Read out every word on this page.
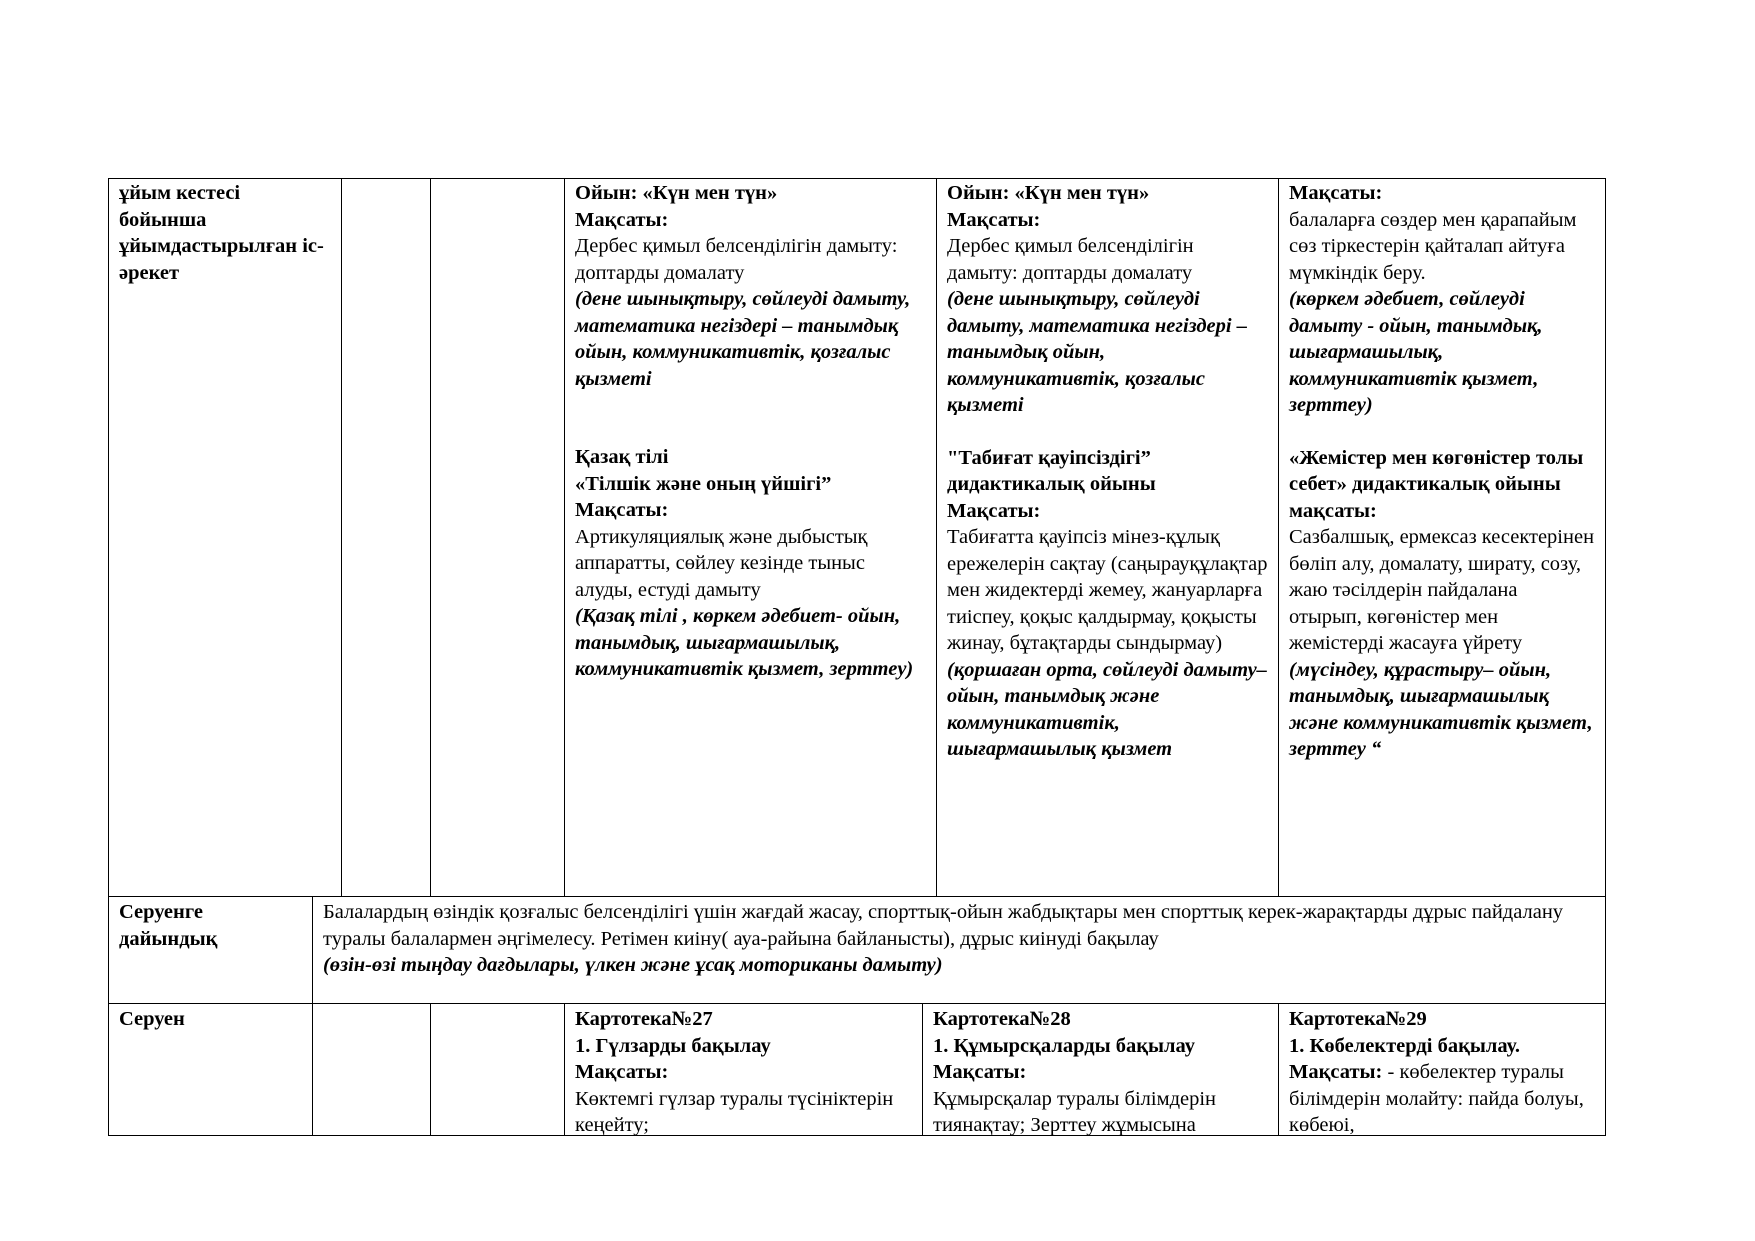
ұйым кестесі бойынша ұйымдастырылған іс-әрекет

Ойын: «Күн мен түн»

Мақсаты:

Дербес қимыл белсенділігін дамыту: доптарды домалату

(дене шынықтыру, сөйлеуді дамыту, математика негіздері – танымдық ойын, коммуникативтік, қозғалыс қызметі

Қазақ тілі

«Тілшік және оның үйшігі”

Мақсаты:

Артикуляциялық және дыбыстық аппаратты, сөйлеу кезінде тыныс алуды, естуді дамыту

(Қазақ тілі , көркем әдебиет- ойын, танымдық, шығармашылық, коммуникативтік қызмет, зерттеу)

Ойын: «Күн мен түн»

Мақсаты:

Дербес қимыл белсенділігін дамыту: доптарды домалату

(дене шынықтыру, сөйлеуді дамыту, математика негіздері – танымдық ойын, коммуникативтік, қозғалыс қызметі

"Табиғат қауіпсіздігі” дидактикалық ойыны

Мақсаты:

Табиғатта қауіпсіз мінез-құлық ережелерін сақтау (саңырауқұлақтар мен жидектерді жемеу, жануарларға тиіспеу, қоқыс қалдырмау, қоқысты жинау, бұтақтарды сындырмау) (қоршаған орта, сөйлеуді дамыту– ойын, танымдық және коммуникативтік, шығармашылық қызмет

Мақсаты:

балаларға сөздер мен қарапайым сөз тіркестерін қайталап айтуға мүмкіндік беру.

(көркем әдебиет, сөйлеуді дамыту - ойын, танымдық, шығармашылық, коммуникативтік қызмет, зерттеу)

«Жемістер мен көгөністер толы себет» дидактикалық ойыны

мақсаты:

Сазбалшық, ермексаз кесектерінен бөліп алу, домалату, ширату, созу, жаю тәсілдерін пайдалана отырып, көгөністер мен жемістерді жасауға үйрету

(мүсіндеу, құрастыру– ойын, танымдық, шығармашылық және коммуникативтік қызмет, зерттеу “

Серуенге дайындық

Балалардың өзіндік қозғалыс белсенділігі үшін жағдай жасау, спорттық-ойын жабдықтары мен спорттық керек-жарақтарды дұрыс пайдалану туралы балалармен әңгімелесу. Ретімен киіну( ауа-райына байланысты), дұрыс киінуді бақылау

(өзін-өзі тыңдау дағдылары, үлкен және ұсақ моториканы дамыту)

Серуен	Картотека№27

1. Гүлзарды бақылау

Мақсаты:

Көктемгі гүлзар туралы түсініктерін кеңейту;

Картотека№28

1. Құмырсқаларды бақылау

Мақсаты:

Құмырсқалар туралы білімдерін тиянақтау; Зерттеу жұмысына

Картотека№29

1. Көбелектерді бақылау.

Мақсаты: - көбелектер туралы білімдерін молайту: пайда болуы, көбеюі,
